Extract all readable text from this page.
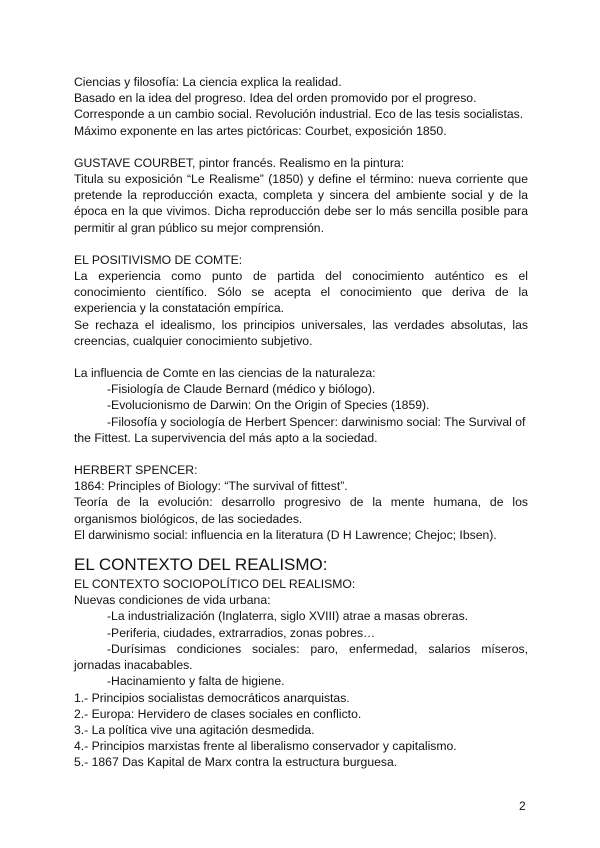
Ciencias y filosofía: La ciencia explica la realidad.

Basado en la idea del progreso. Idea del orden promovido por el progreso.

Corresponde a un cambio social. Revolución industrial. Eco de las tesis socialistas.

Máximo exponente en las artes pictóricas: Courbet, exposición 1850.

GUSTAVE COURBET, pintor francés. Realismo en la pintura:

Titula su exposición “Le Realisme” (1850) y define el término: nueva corriente que pretende la reproducción exacta, completa y sincera del ambiente social y de la época en la que vivimos. Dicha reproducción debe ser lo más sencilla posible para permitir al gran público su mejor comprensión.

EL POSITIVISMO DE COMTE:

La experiencia como punto de partida del conocimiento auténtico es el conocimiento científico. Sólo se acepta el conocimiento que deriva de la experiencia y la constatación empírica.

Se rechaza el idealismo, los principios universales, las verdades absolutas, las creencias, cualquier conocimiento subjetivo.

La influencia de Comte en las ciencias de la naturaleza:

-Fisiología de Claude Bernard (médico y biólogo).

-Evolucionismo de Darwin: On the Origin of Species (1859).

-Filosofía y sociología de Herbert Spencer: darwinismo social: The Survival of

the Fittest. La supervivencia del más apto a la sociedad.

HERBERT SPENCER:

1864: Principles of Biology: “The survival of fittest”.

Teoría de la evolución: desarrollo progresivo de la mente humana, de los organismos biológicos, de las sociedades.

El darwinismo social: influencia en la literatura (D H Lawrence; Chejoc; Ibsen).

EL CONTEXTO DEL REALISMO:

EL CONTEXTO SOCIOPOLÍTICO DEL REALISMO:

Nuevas condiciones de vida urbana:

-La industrialización (Inglaterra, siglo XVIII) atrae a masas obreras.

-Periferia, ciudades, extrarradios, zonas pobres…

-Durísimas condiciones sociales: paro, enfermedad, salarios míseros, jornadas inacabables.

-Hacinamiento y falta de higiene.

1.- Principios socialistas democráticos anarquistas.

2.- Europa: Hervidero de clases sociales en conflicto.

3.- La política vive una agitación desmedida.

4.- Principios marxistas frente al liberalismo conservador y capitalismo.

5.- 1867 Das Kapital de Marx contra la estructura burguesa.

2
